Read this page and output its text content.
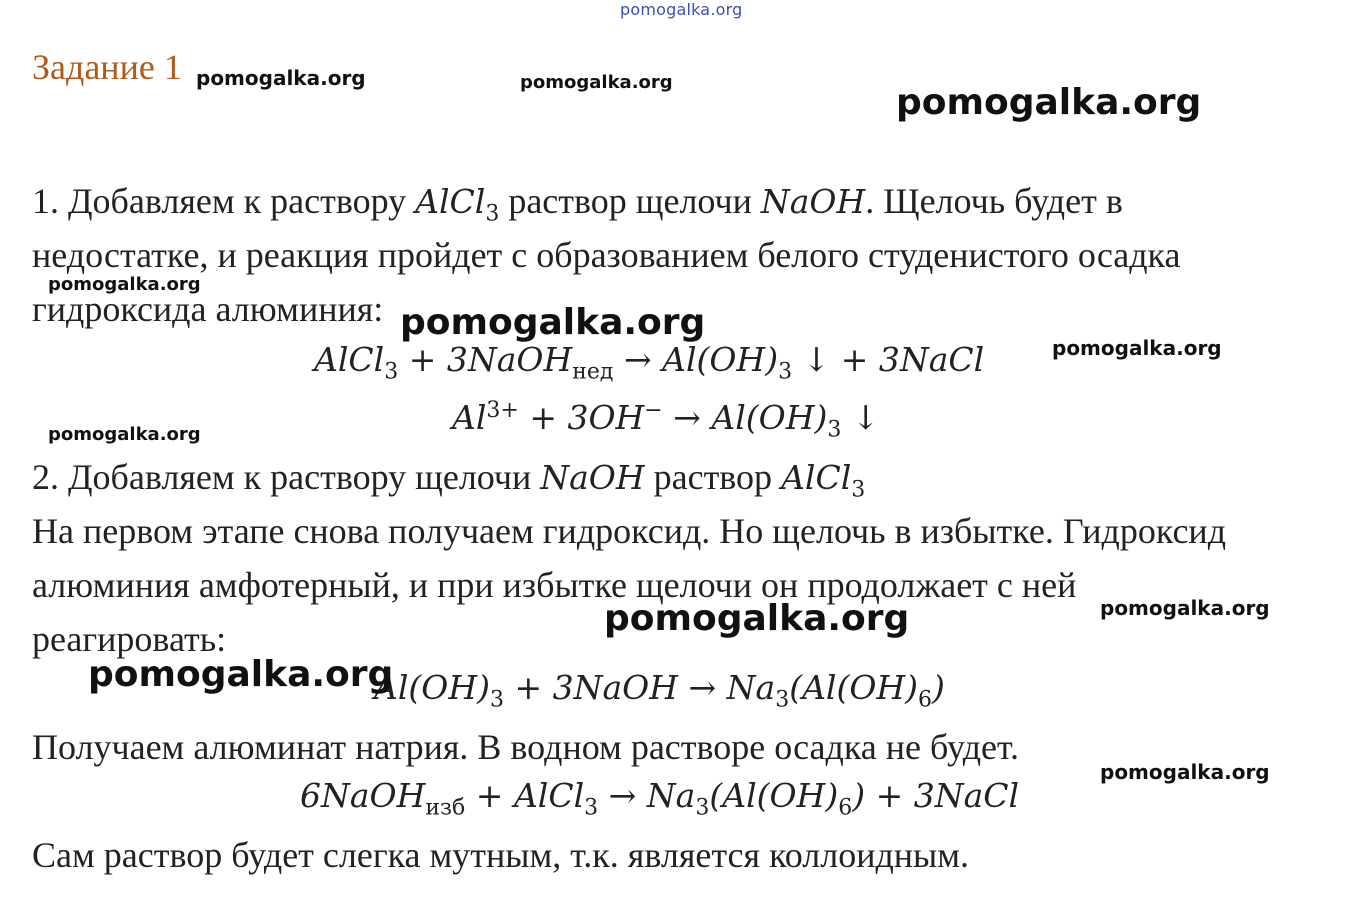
pomogalka.org
Задание 1
1. Добавляем к раствору AlCl$_3$ раствор щелочи NaOH. Щелочь будет в
недостатке, и реакция пройдет с образованием белого студенистого осадка
гидроксида алюминия:
AlCl$_3$ + 3NaOH$_{нед}$ → $Al(OH)_3$ ↓ + 3NaCl
$Al^{3+} + 3OH^- \to Al(OH)_3$ ↓
2. Добавляем к раствору щелочи NaOH раствор AlCl$_3$
На первом этапе снова получаем гидроксид. Но щелочь в избытке. Гидроксид
алюминия амфотерный, и при избытке щелочи он продолжает с ней
реагировать:
$Al(OH)_3$ + 3NaOH → $Na_3(Al(OH)_6)$
Получаем алюминат натрия. В водном растворе осадка не будет.
6NaOH$_{изб}$ + AlCl$_3$ → $Na_3(Al(OH)_6)$ + 3NaCl
Сам раствор будет слегка мутным, т.к. является коллоидным.
pomogalka.org	pomogalka.org	pomogalka.org
pomogalka.org
pomogalka.org
pomogalka.org
pomogalka.org
pomogalka.org
pomogalka.org
pomogalka.org
pomogalka.org
